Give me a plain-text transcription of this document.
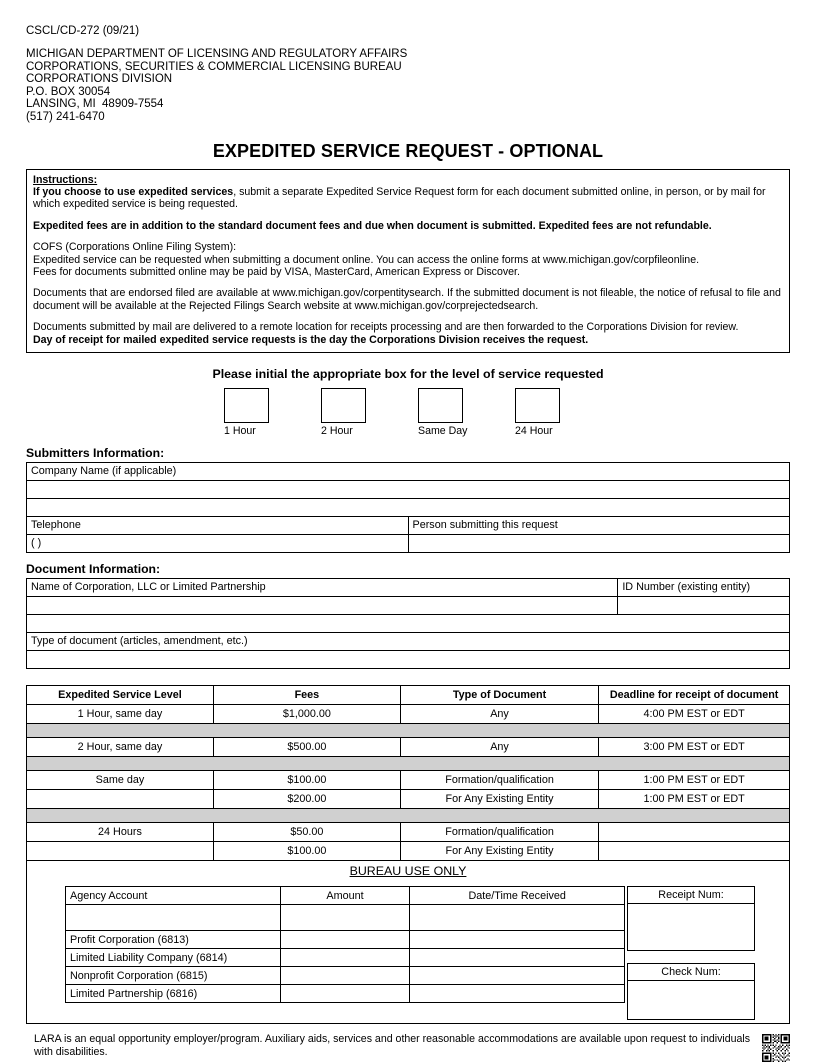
CSCL/CD-272 (09/21)
MICHIGAN DEPARTMENT OF LICENSING AND REGULATORY AFFAIRS
CORPORATIONS, SECURITIES & COMMERCIAL LICENSING BUREAU
CORPORATIONS DIVISION
P.O. BOX 30054
LANSING, MI  48909-7554
(517) 241-6470
EXPEDITED SERVICE REQUEST - OPTIONAL
Instructions:

If you choose to use expedited services, submit a separate Expedited Service Request form for each document submitted online, in person, or by mail for which expedited service is being requested.

Expedited fees are in addition to the standard document fees and due when document is submitted. Expedited fees are not refundable.

COFS (Corporations Online Filing System):

Expedited service can be requested when submitting a document online. You can access the online forms at www.michigan.gov/corpfileonline.

Fees for documents submitted online may be paid by VISA, MasterCard, American Express or Discover.

Documents that are endorsed filed are available at www.michigan.gov/corpentitysearch. If the submitted document is not fileable, the notice of refusal to file and document will be available at the Rejected Filings Search website at www.michigan.gov/corprejectedsearch.

Documents submitted by mail are delivered to a remote location for receipts processing and are then forwarded to the Corporations Division for review.

Day of receipt for mailed expedited service requests is the day the Corporations Division receives the request.

Please initial the appropriate box for the level of service requested
1 Hour	2 Hour	Same Day	24 Hour
Submitters Information:
Company Name (if applicable)	

Telephone	Person submitting this request
( )	
Document Information:
Name of Corporation, LLC or Limited Partnership	ID Number (existing entity)

Type of document (articles, amendment, etc.)	

Expedited Service Level	Fees	Type of Document	Deadline for receipt of document
1 Hour, same day	$1,000.00	Any	4:00 PM EST or EDT

2 Hour, same day	$500.00	Any	3:00 PM EST or EDT

Same day	$100.00	Formation/qualification	1:00 PM EST or EDT
	$200.00	For Any Existing Entity	1:00 PM EST or EDT

24 Hours	$50.00	Formation/qualification	
	$100.00	For Any Existing Entity	

BUREAU USE ONLY
Agency Account	Amount	Date/Time Received

Profit Corporation (6813)		
Limited Liability Company (6814)		
Nonprofit Corporation (6815)		
Limited Partnership (6816)		
Receipt Num:
Check Num:
LARA is an equal opportunity employer/program. Auxiliary aids, services and other reasonable accommodations are available upon request to individuals with disabilities.
